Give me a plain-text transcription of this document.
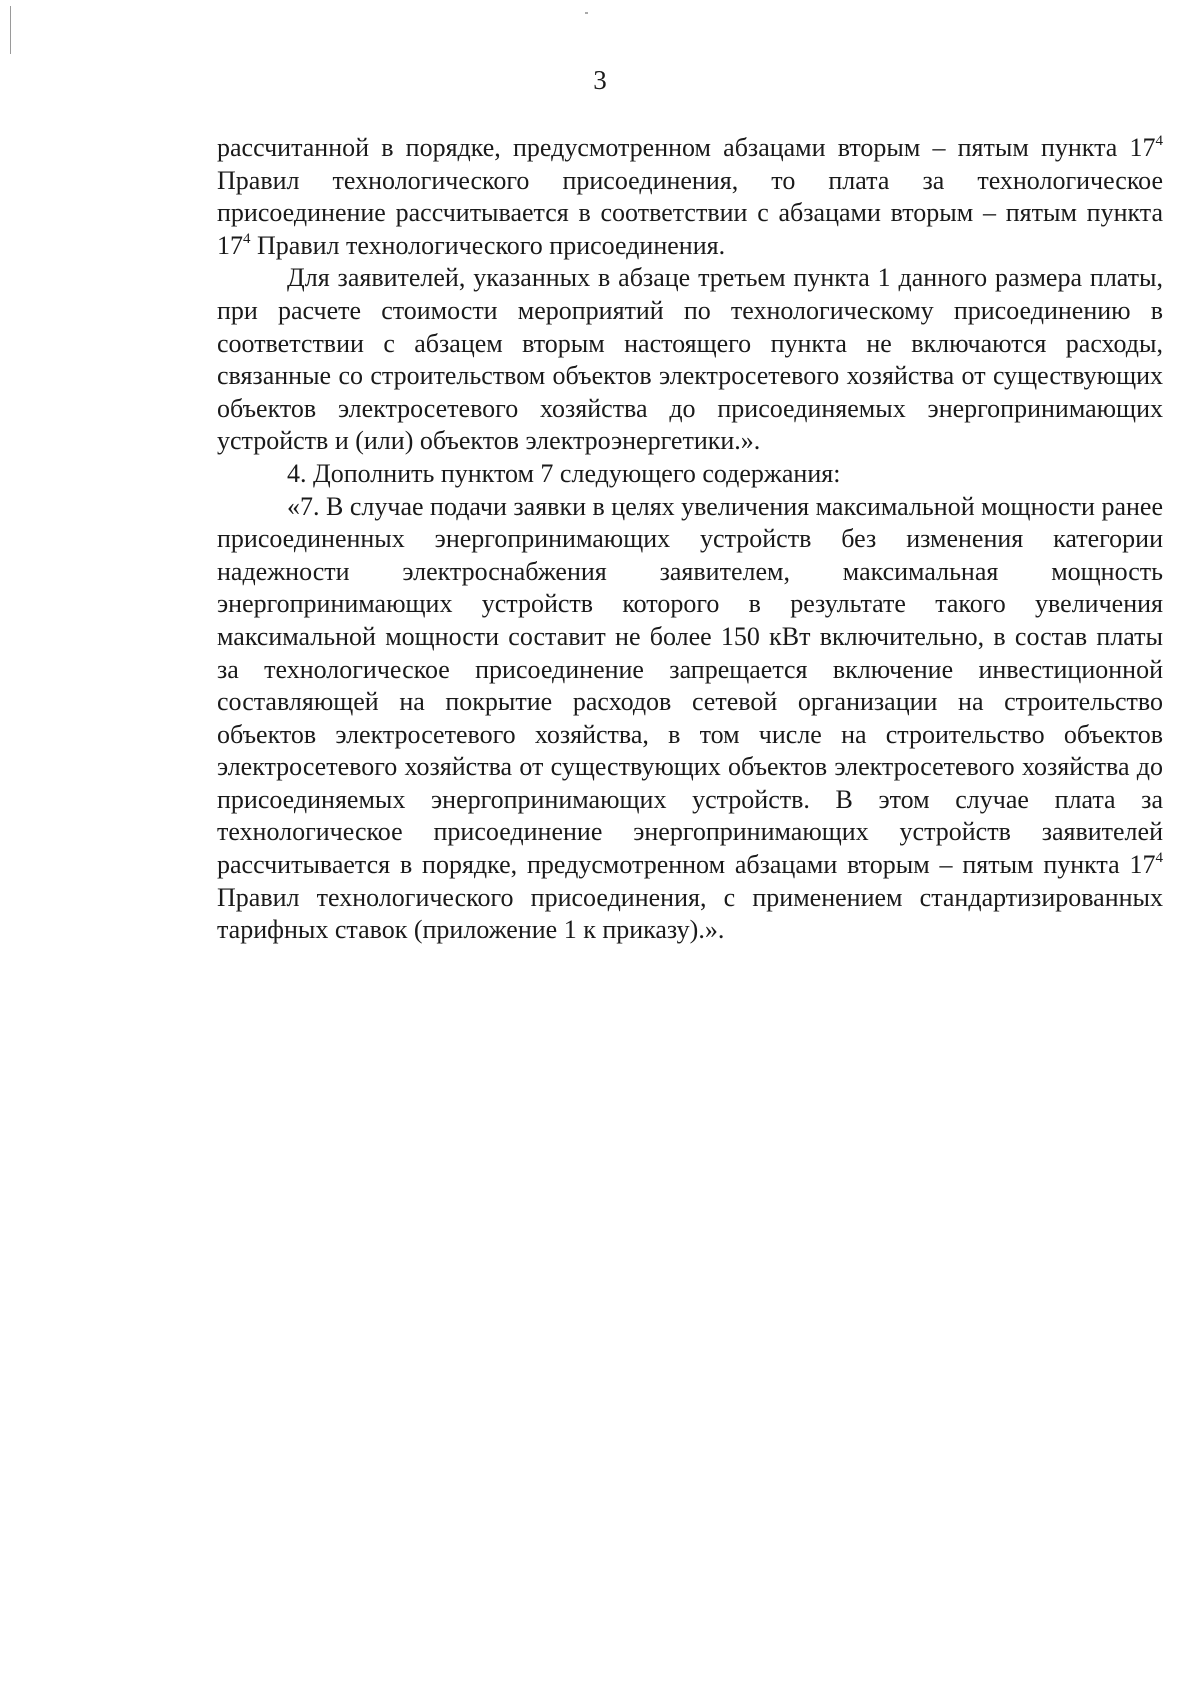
3

рассчитанной в порядке, предусмотренном абзацами вторым – пятым пункта $17^4$ Правил технологического присоединения, то плата за технологическое присоединение рассчитывается в соответствии с абзацами вторым – пятым пункта $17^4$ Правил технологического присоединения.

Для заявителей, указанных в абзаце третьем пункта 1 данного размера платы, при расчете стоимости мероприятий по технологическому присоединению в соответствии с абзацем вторым настоящего пункта не включаются расходы, связанные со строительством объектов электросетевого хозяйства от существующих объектов электросетевого хозяйства до присоединяемых энергопринимающих устройств и (или) объектов электроэнергетики.».

4. Дополнить пунктом 7 следующего содержания:

«7. В случае подачи заявки в целях увеличения максимальной мощности ранее присоединенных энергопринимающих устройств без изменения категории надежности электроснабжения заявителем, максимальная мощность энергопринимающих устройств которого в результате такого увеличения максимальной мощности составит не более 150 кВт включительно, в состав платы за технологическое присоединение запрещается включение инвестиционной составляющей на покрытие расходов сетевой организации на строительство объектов электросетевого хозяйства, в том числе на строительство объектов электросетевого хозяйства от существующих объектов электросетевого хозяйства до присоединяемых энергопринимающих устройств. В этом случае плата за технологическое присоединение энергопринимающих устройств заявителей рассчитывается в порядке, предусмотренном абзацами вторым – пятым пункта $17^4$ Правил технологического присоединения, с применением стандартизированных тарифных ставок (приложение 1 к приказу).».
